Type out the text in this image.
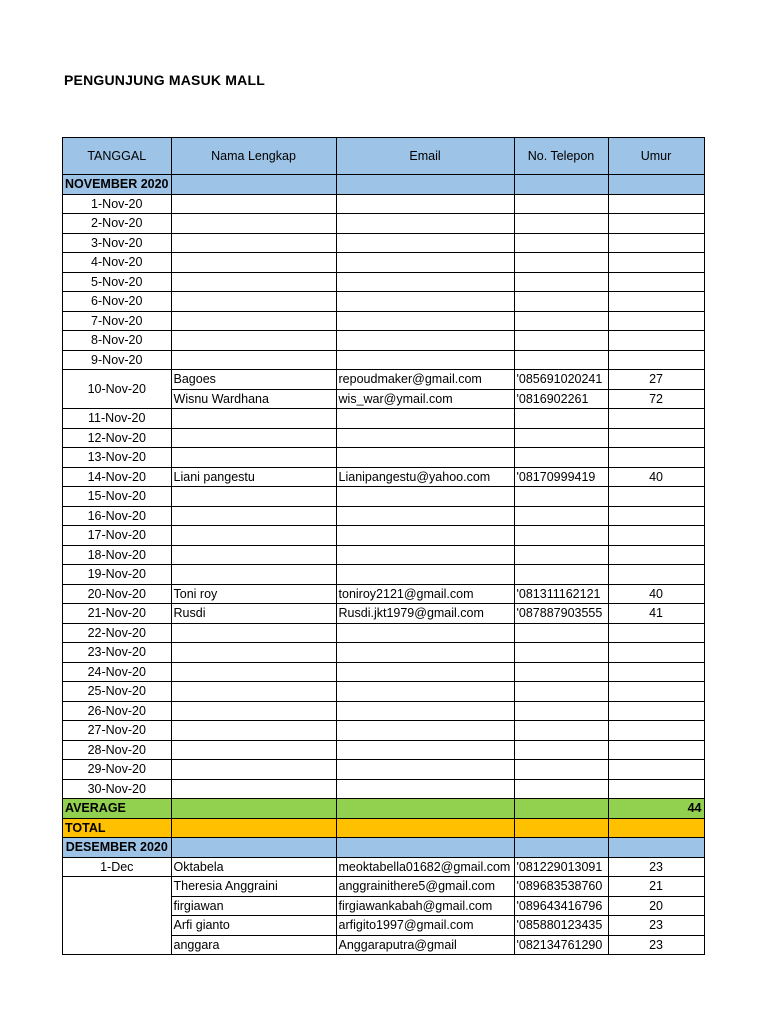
PENGUNJUNG MASUK MALL
TANGGAL	Nama Lengkap	Email	No. Telepon	Umur
NOVEMBER 2020				
1-Nov-20				
2-Nov-20				
3-Nov-20				
4-Nov-20				
5-Nov-20				
6-Nov-20				
7-Nov-20				
8-Nov-20				
9-Nov-20				
10-Nov-20	Bagoes	repoudmaker@gmail.com	'085691020241	27
	Wisnu Wardhana	wis_war@ymail.com	'0816902261	72
11-Nov-20				
12-Nov-20				
13-Nov-20				
14-Nov-20	Liani pangestu	Lianipangestu@yahoo.com	'08170999419	40
15-Nov-20				
16-Nov-20				
17-Nov-20				
18-Nov-20				
19-Nov-20				
20-Nov-20	Toni roy	toniroy2121@gmail.com	'081311162121	40
21-Nov-20	Rusdi	Rusdi.jkt1979@gmail.com	'087887903555	41
22-Nov-20				
23-Nov-20				
24-Nov-20				
25-Nov-20				
26-Nov-20				
27-Nov-20				
28-Nov-20				
29-Nov-20				
30-Nov-20				
AVERAGE				44
TOTAL				
DESEMBER 2020				
1-Dec	Oktabela	meoktabella01682@gmail.com	'081229013091	23
	Theresia Anggraini	anggrainithere5@gmail.com	'089683538760	21
	firgiawan	firgiawankabah@gmail.com	'089643416796	20
	Arfi gianto	arfigito1997@gmail.com	'085880123435	23
	anggara	Anggaraputra@gmail	'082134761290	23
